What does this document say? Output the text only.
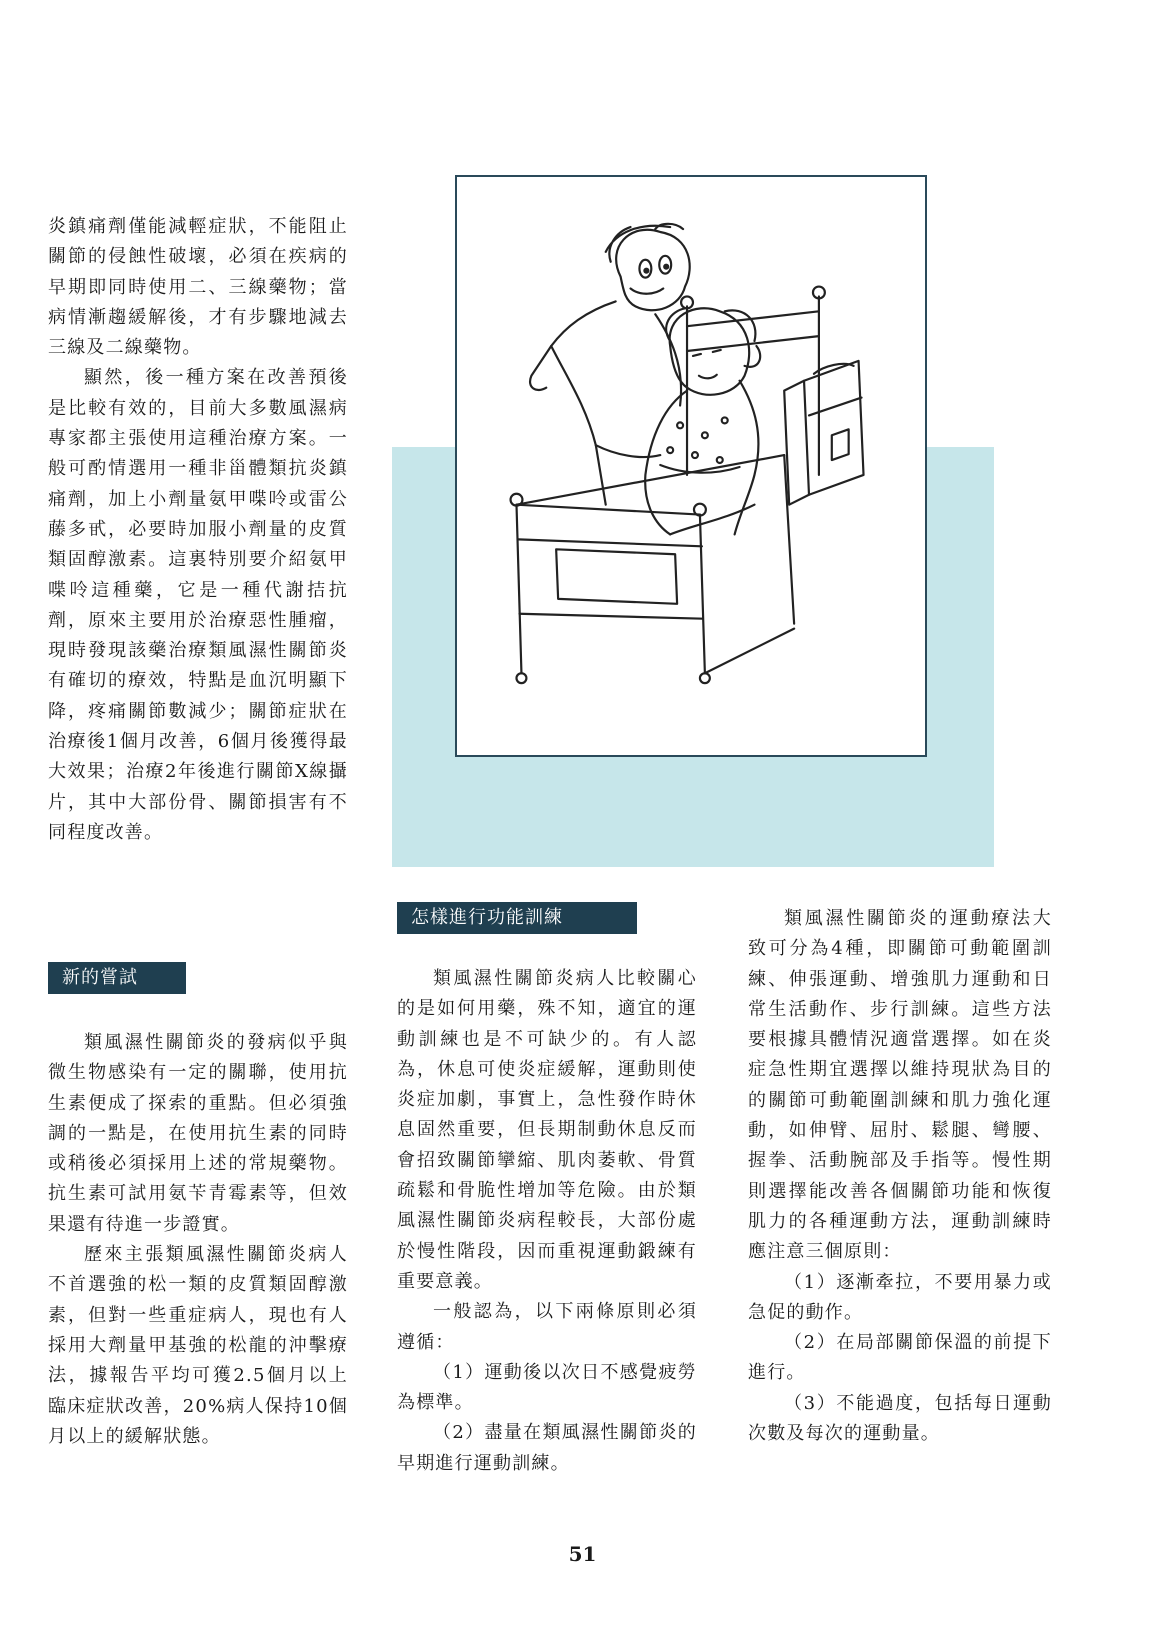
炎鎮痛劑僅能減輕症狀，不能阻止關節的侵蝕性破壞，必須在疾病的早期即同時使用二、三線藥物；當病情漸趨緩解後，才有步驟地減去三線及二線藥物。

顯然，後一種方案在改善預後是比較有效的，目前大多數風濕病專家都主張使用這種治療方案。一般可酌情選用一種非甾體類抗炎鎮痛劑，加上小劑量氨甲喋呤或雷公藤多甙，必要時加服小劑量的皮質類固醇激素。這裏特別要介紹氨甲喋呤這種藥，它是一種代謝拮抗劑，原來主要用於治療惡性腫瘤，現時發現該藥治療類風濕性關節炎有確切的療效，特點是血沉明顯下降，疼痛關節數減少；關節症狀在治療後1個月改善，6個月後獲得最大效果；治療2年後進行關節X線攝片，其中大部份骨、關節損害有不同程度改善。

類風濕性關節炎的發病似乎與微生物感染有一定的關聯，使用抗生素便成了探索的重點。但必須強調的一點是，在使用抗生素的同時或稍後必須採用上述的常規藥物。抗生素可試用氨苄青霉素等，但效果還有待進一步證實。

歷來主張類風濕性關節炎病人不首選強的松一類的皮質類固醇激素，但對一些重症病人，現也有人採用大劑量甲基強的松龍的沖擊療法，據報告平均可獲2.5個月以上臨床症狀改善，20%病人保持10個月以上的緩解狀態。

新的嘗試
怎樣進行功能訓練

類風濕性關節炎病人比較關心的是如何用藥，殊不知，適宜的運動訓練也是不可缺少的。有人認為，休息可使炎症緩解，運動則使炎症加劇，事實上，急性發作時休息固然重要，但長期制動休息反而會招致關節攣縮、肌肉萎軟、骨質疏鬆和骨脆性增加等危險。由於類風濕性關節炎病程較長，大部份處於慢性階段，因而重視運動鍛練有重要意義。

一般認為，以下兩條原則必須遵循：

（1）運動後以次日不感覺疲勞為標準。

（2）盡量在類風濕性關節炎的早期進行運動訓練。

類風濕性關節炎的運動療法大致可分為4種，即關節可動範圍訓練、伸張運動、增強肌力運動和日常生活動作、步行訓練。這些方法要根據具體情況適當選擇。如在炎症急性期宜選擇以維持現狀為目的的關節可動範圍訓練和肌力強化運動，如伸臂、屈肘、鬆腿、彎腰、握拳、活動腕部及手指等。慢性期則選擇能改善各個關節功能和恢復肌力的各種運動方法，運動訓練時應注意三個原則：

（1）逐漸牽拉，不要用暴力或急促的動作。

（2）在局部關節保溫的前提下進行。

（3）不能過度，包括每日運動次數及每次的運動量。

51
